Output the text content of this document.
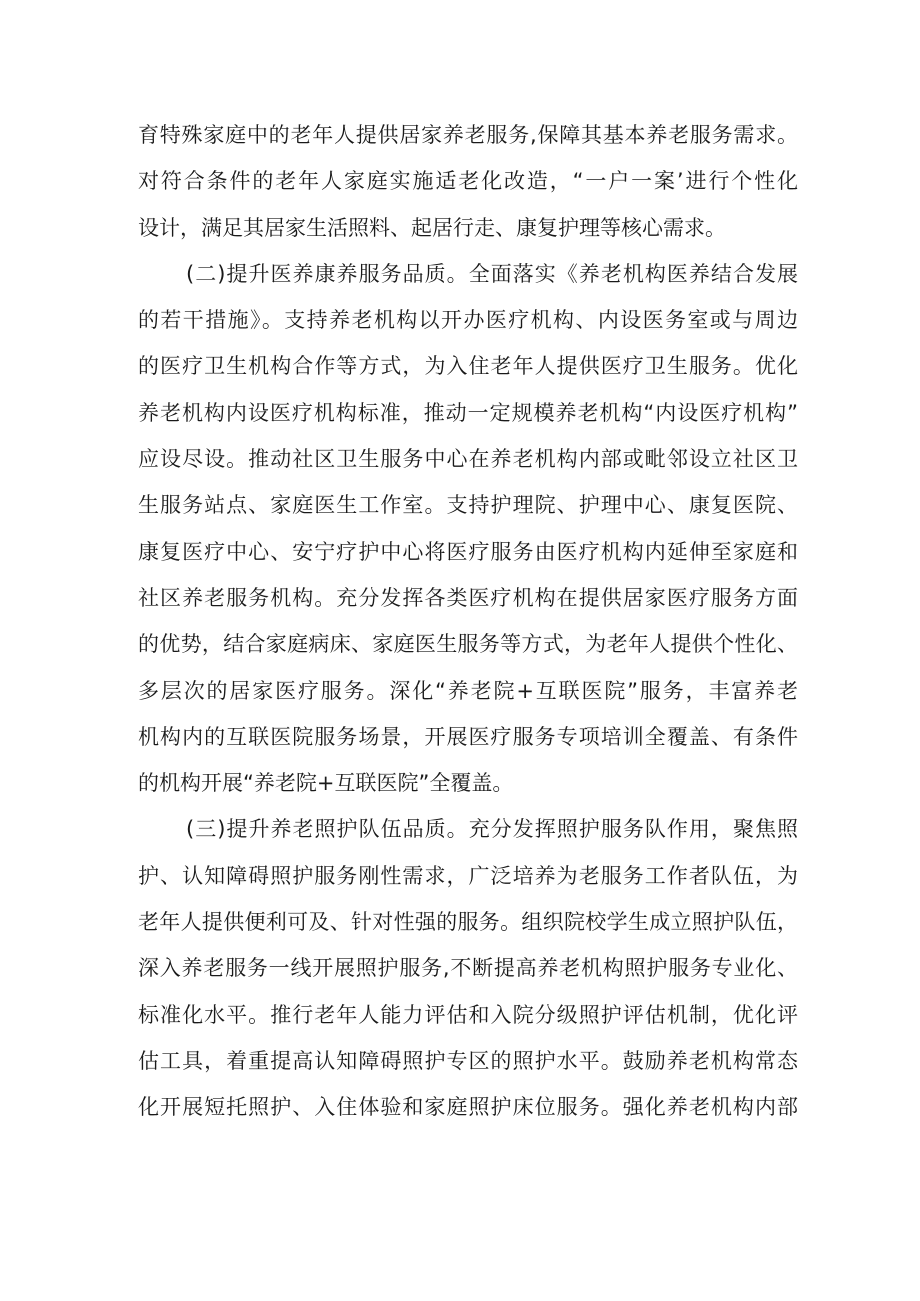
育特殊家庭中的老年人提供居家养老服务,保障其基本养老服务需求。
对符合条件的老年人家庭实施适老化改造，“一户一案’进行个性化
设计，满足其居家生活照料、起居行走、康复护理等核心需求。
(二)提升医养康养服务品质。全面落实《养老机构医养结合发展
的若干措施》。支持养老机构以开办医疗机构、内设医务室或与周边
的医疗卫生机构合作等方式，为入住老年人提供医疗卫生服务。优化
养老机构内设医疗机构标准，推动一定规模养老机构“内设医疗机构”
应设尽设。推动社区卫生服务中心在养老机构内部或毗邻设立社区卫
生服务站点、家庭医生工作室。支持护理院、护理中心、康复医院、
康复医疗中心、安宁疗护中心将医疗服务由医疗机构内延伸至家庭和
社区养老服务机构。充分发挥各类医疗机构在提供居家医疗服务方面
的优势，结合家庭病床、家庭医生服务等方式，为老年人提供个性化、
多层次的居家医疗服务。深化“养老院+互联医院”服务，丰富养老
机构内的互联医院服务场景，开展医疗服务专项培训全覆盖、有条件
的机构开展“养老院+互联医院”全覆盖。
(三)提升养老照护队伍品质。充分发挥照护服务队作用，聚焦照
护、认知障碍照护服务刚性需求，广泛培养为老服务工作者队伍，为
老年人提供便利可及、针对性强的服务。组织院校学生成立照护队伍，
深入养老服务一线开展照护服务,不断提高养老机构照护服务专业化、
标准化水平。推行老年人能力评估和入院分级照护评估机制，优化评
估工具，着重提高认知障碍照护专区的照护水平。鼓励养老机构常态
化开展短托照护、入住体验和家庭照护床位服务。强化养老机构内部
